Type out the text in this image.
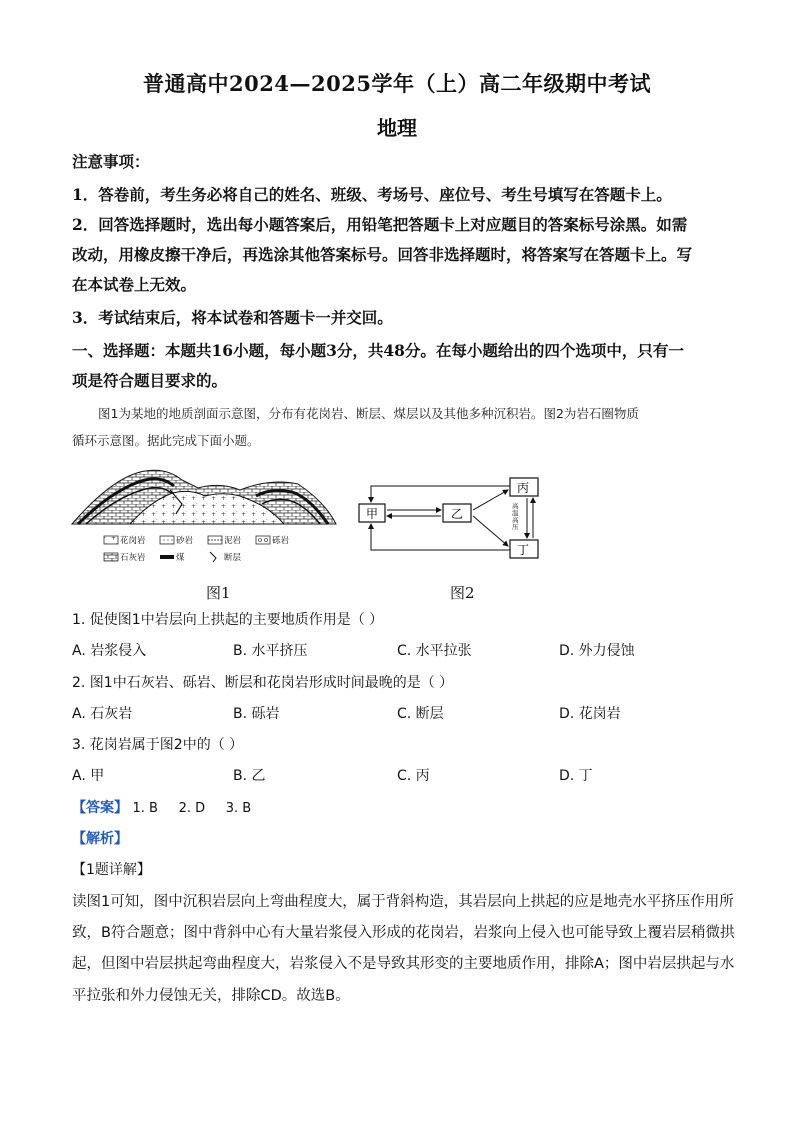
普通高中2024—2025学年（上）高二年级期中考试
地理
注意事项：
1．答卷前，考生务必将自己的姓名、班级、考场号、座位号、考生号填写在答题卡上。
2．回答选择题时，选出每小题答案后，用铅笔把答题卡上对应题目的答案标号涂黑。如需
改动，用橡皮擦干净后，再选涂其他答案标号。回答非选择题时，将答案写在答题卡上。写
在本试卷上无效。
3．考试结束后，将本试卷和答题卡一并交回。
一、选择题：本题共16小题，每小题3分，共48分。在每小题给出的四个选项中，只有一
项是符合题目要求的。
图1为某地的地质剖面示意图，分布有花岗岩、断层、煤层以及其他多种沉积岩。图2为岩石圈物质
循环示意图。据此完成下面小题。
花岗岩	砂岩	泥岩	砾岩
石灰岩	煤	断层
甲	乙
丙
丁
高
温
高
压
图1	图2
1. 促使图1中岩层向上拱起的主要地质作用是（ ）
A. 岩浆侵入	B. 水平挤压	C. 水平拉张	D. 外力侵蚀
2. 图1中石灰岩、砾岩、断层和花岗岩形成时间最晚的是（ ）
A. 石灰岩	B. 砾岩	C. 断层	D. 花岗岩
3. 花岗岩属于图2中的（ ）
A. 甲	B. 乙	C. 丙	D. 丁
【答案】 1. B     2. D     3. B
【解析】
【1题详解】
读图1可知，图中沉积岩层向上弯曲程度大，属于背斜构造，其岩层向上拱起的应是地壳水平挤压作用所
致，B符合题意；图中背斜中心有大量岩浆侵入形成的花岗岩，岩浆向上侵入也可能导致上覆岩层稍微拱
起，但图中岩层拱起弯曲程度大，岩浆侵入不是导致其形变的主要地质作用，排除A；图中岩层拱起与水
平拉张和外力侵蚀无关，排除CD。故选B。
